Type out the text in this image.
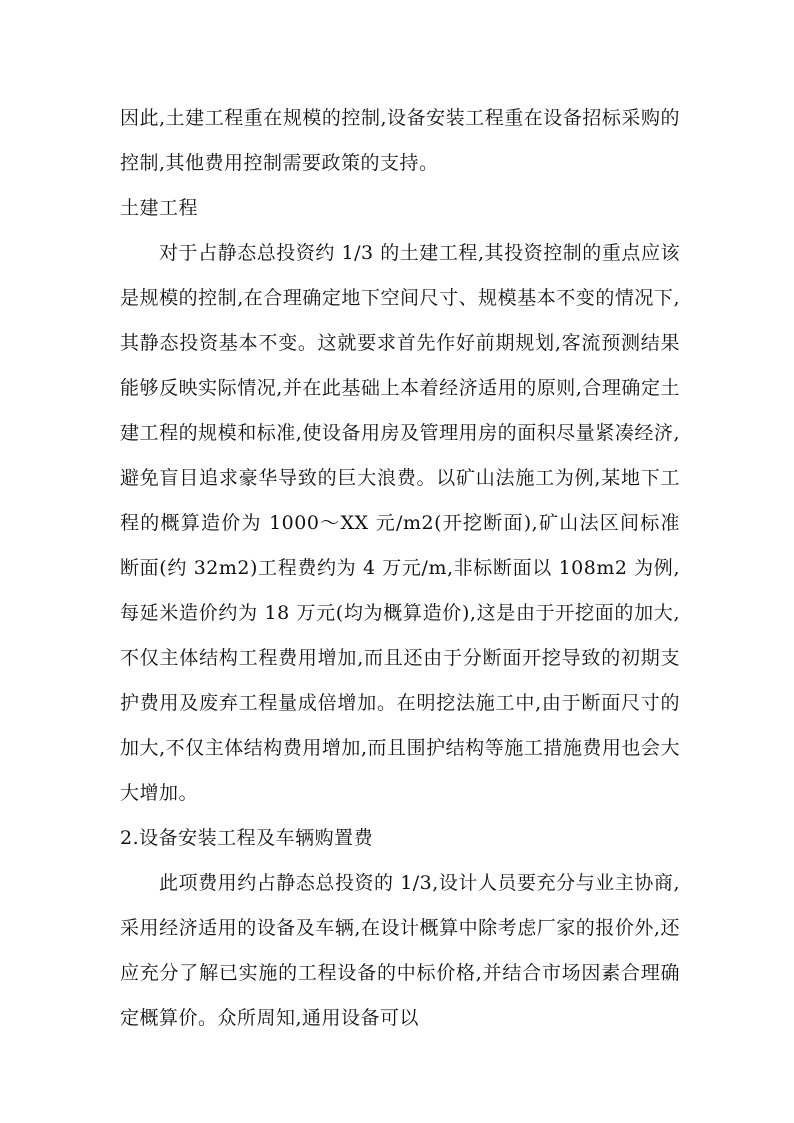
因此,土建工程重在规模的控制,设备安装工程重在设备招标采购的控制,其他费用控制需要政策的支持。

土建工程

对于占静态总投资约 1/3 的土建工程,其投资控制的重点应该是规模的控制,在合理确定地下空间尺寸、规模基本不变的情况下,其静态投资基本不变。这就要求首先作好前期规划,客流预测结果能够反映实际情况,并在此基础上本着经济适用的原则,合理确定土建工程的规模和标准,使设备用房及管理用房的面积尽量紧凑经济,避免盲目追求豪华导致的巨大浪费。以矿山法施工为例,某地下工程的概算造价为 1000～XX 元/m2(开挖断面),矿山法区间标准断面(约 32m2)工程费约为 4 万元/m,非标断面以 108m2 为例,每延米造价约为 18 万元(均为概算造价),这是由于开挖面的加大,不仅主体结构工程费用增加,而且还由于分断面开挖导致的初期支护费用及废弃工程量成倍增加。在明挖法施工中,由于断面尺寸的加大,不仅主体结构费用增加,而且围护结构等施工措施费用也会大大增加。

2.设备安装工程及车辆购置费

此项费用约占静态总投资的 1/3,设计人员要充分与业主协商,采用经济适用的设备及车辆,在设计概算中除考虑厂家的报价外,还应充分了解已实施的工程设备的中标价格,并结合市场因素合理确定概算价。众所周知,通用设备可以
